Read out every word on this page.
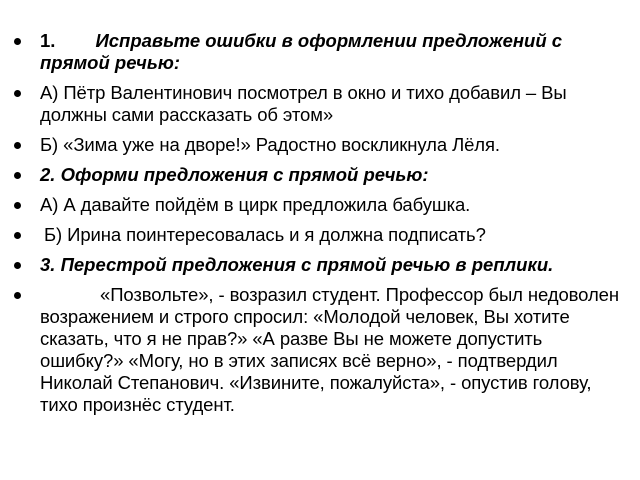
1. Исправьте ошибки в оформлении предложений с прямой речью:
А) Пётр Валентинович посмотрел в окно и тихо добавил – Вы должны сами рассказать об этом»
Б) «Зима уже на дворе!» Радостно воскликнула Лёля.
2. Оформи предложения с прямой речью:
А) А давайте пойдём в цирк предложила бабушка.
Б) Ирина поинтересовалась и я должна подписать?
3. Перестрой предложения с прямой речью в реплики.
«Позвольте», - возразил студент. Профессор был недоволен возражением и строго спросил: «Молодой человек, Вы хотите сказать, что я не прав?» «А разве Вы не можете допустить ошибку?» «Могу, но в этих записях всё верно», - подтвердил Николай Степанович. «Извините, пожалуйста», - опустив голову, тихо произнёс студент.
